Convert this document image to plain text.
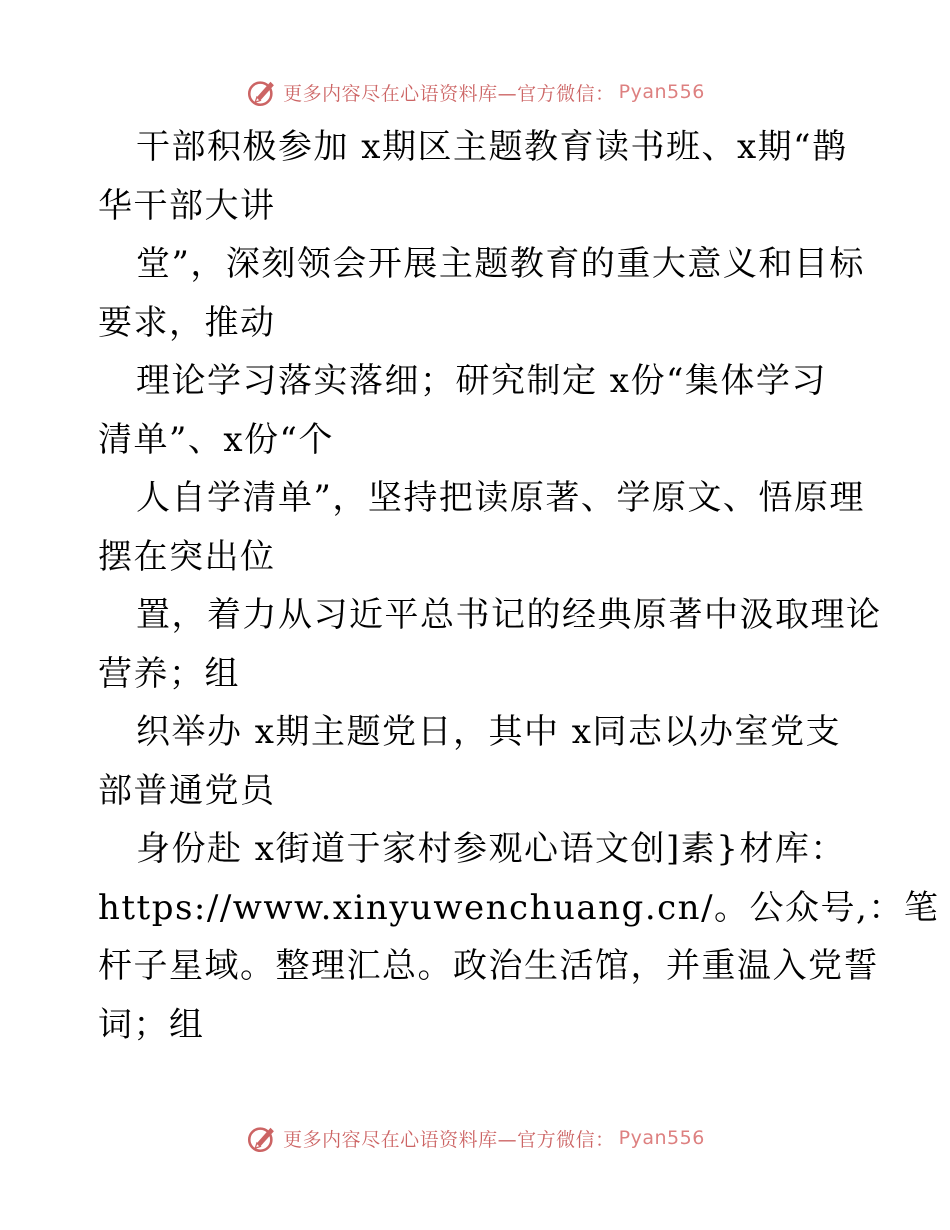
更多内容尽在心语资料库—官方微信： Pyan556
干部积极参加 x期区主题教育读书班、x期“鹊
华干部大讲
堂”，深刻领会开展主题教育的重大意义和目标
要求，推动
理论学习落实落细；研究制定 x份“集体学习
清单”、x份“个
人自学清单”，坚持把读原著、学原文、悟原理
摆在突出位
置，着力从习近平总书记的经典原著中汲取理论
营养；组
织举办 x期主题党日，其中 x同志以办室党支
部普通党员
身份赴 x街道于家村参观心语文创]素}材库：
https://www.xinyuwenchuang.cn/。公众号,：笔
杆子星域。整理汇总。政治生活馆，并重温入党誓
词；组
更多内容尽在心语资料库—官方微信： Pyan556
